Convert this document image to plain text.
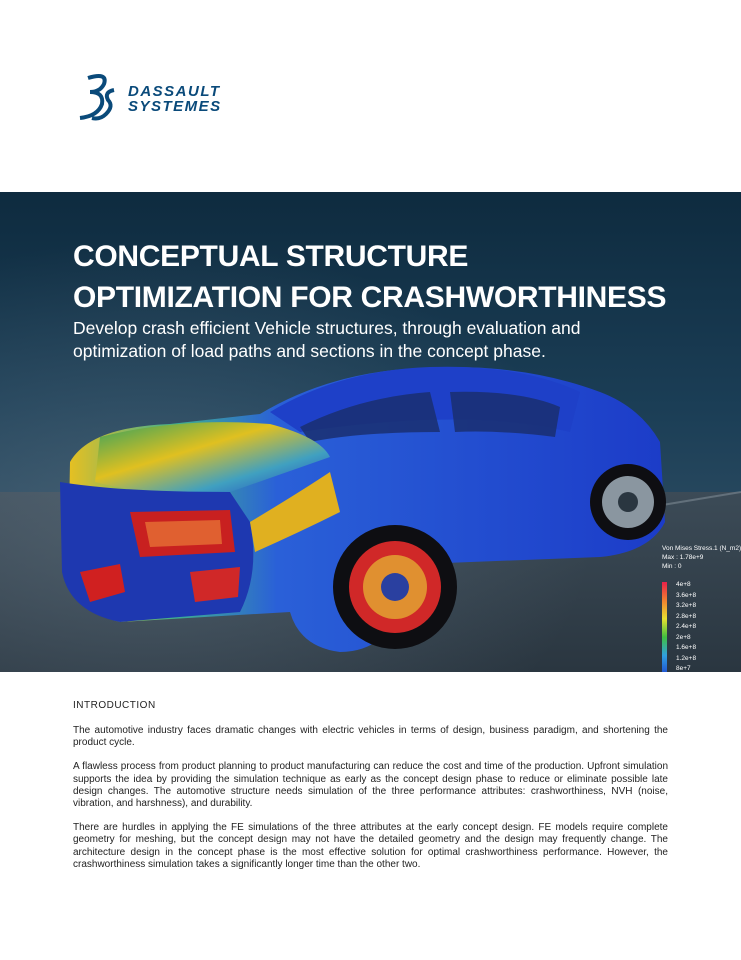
DASSAULT
SYSTEMES
CONCEPTUAL STRUCTURE
OPTIMIZATION FOR CRASHWORTHINESS
Develop crash efficient Vehicle structures, through evaluation and
optimization of load paths and sections in the concept phase.
Von Mises Stress.1 (N_m2)
Max : 1.78e+9
Min : 0
4e+8
3.6e+8
3.2e+8
2.8e+8
2.4e+8
2e+8
1.6e+8
1.2e+8
8e+7
INTRODUCTION

The automotive industry faces dramatic changes with electric vehicles in terms of design, business paradigm, and shortening the product cycle.

A flawless process from product planning to product manufacturing can reduce the cost and time of the production. Upfront simulation supports the idea by providing the simulation technique as early as the concept design phase to reduce or eliminate possible late design changes. The automotive structure needs simulation of the three performance attributes: crashworthiness, NVH (noise, vibration, and harshness), and durability.

There are hurdles in applying the FE simulations of the three attributes at the early concept design. FE models require complete geometry for meshing, but the concept design may not have the detailed geometry and the design may frequently change. The architecture design in the concept phase is the most effective solution for optimal crashworthiness performance. However, the crashworthiness simulation takes a significantly longer time than the other two.
